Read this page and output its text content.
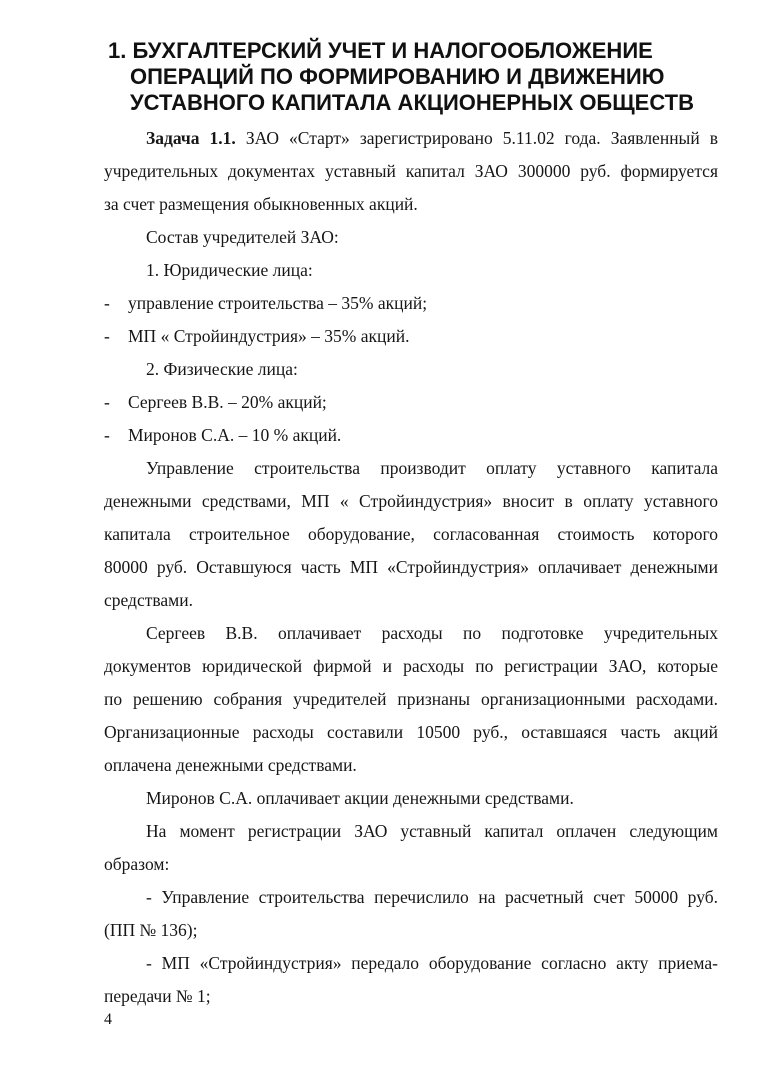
1. БУХГАЛТЕРСКИЙ УЧЕТ И НАЛОГООБЛОЖЕНИЕ
ОПЕРАЦИЙ ПО ФОРМИРОВАНИЮ И ДВИЖЕНИЮ
УСТАВНОГО КАПИТАЛА АКЦИОНЕРНЫХ ОБЩЕСТВ
Задача 1.1. ЗАО «Старт» зарегистрировано 5.11.02 года. Заявленный в
учредительных документах уставный капитал ЗАО 300000 руб. формируется
за счет размещения обыкновенных акций.
Состав учредителей ЗАО:
1. Юридические лица:
- управление строительства – 35% акций;
- МП « Стройиндустрия» – 35% акций.
2. Физические лица:
- Сергеев В.В. – 20% акций;
- Миронов С.А. – 10 % акций.
Управление строительства производит оплату уставного капитала
денежными средствами, МП « Стройиндустрия» вносит в оплату уставного
капитала строительное оборудование, согласованная стоимость которого
80000 руб. Оставшуюся часть МП «Стройиндустрия» оплачивает денежными
средствами.
Сергеев В.В. оплачивает расходы по подготовке учредительных
документов юридической фирмой и расходы по регистрации ЗАО, которые
по решению собрания учредителей признаны организационными расходами.
Организационные расходы составили 10500 руб., оставшаяся часть акций
оплачена денежными средствами.
Миронов С.А. оплачивает акции денежными средствами.
На момент регистрации ЗАО уставный капитал оплачен следующим
образом:
- Управление строительства перечислило на расчетный счет 50000 руб.
(ПП № 136);
- МП «Стройиндустрия» передало оборудование согласно акту приема-
передачи № 1;
4
